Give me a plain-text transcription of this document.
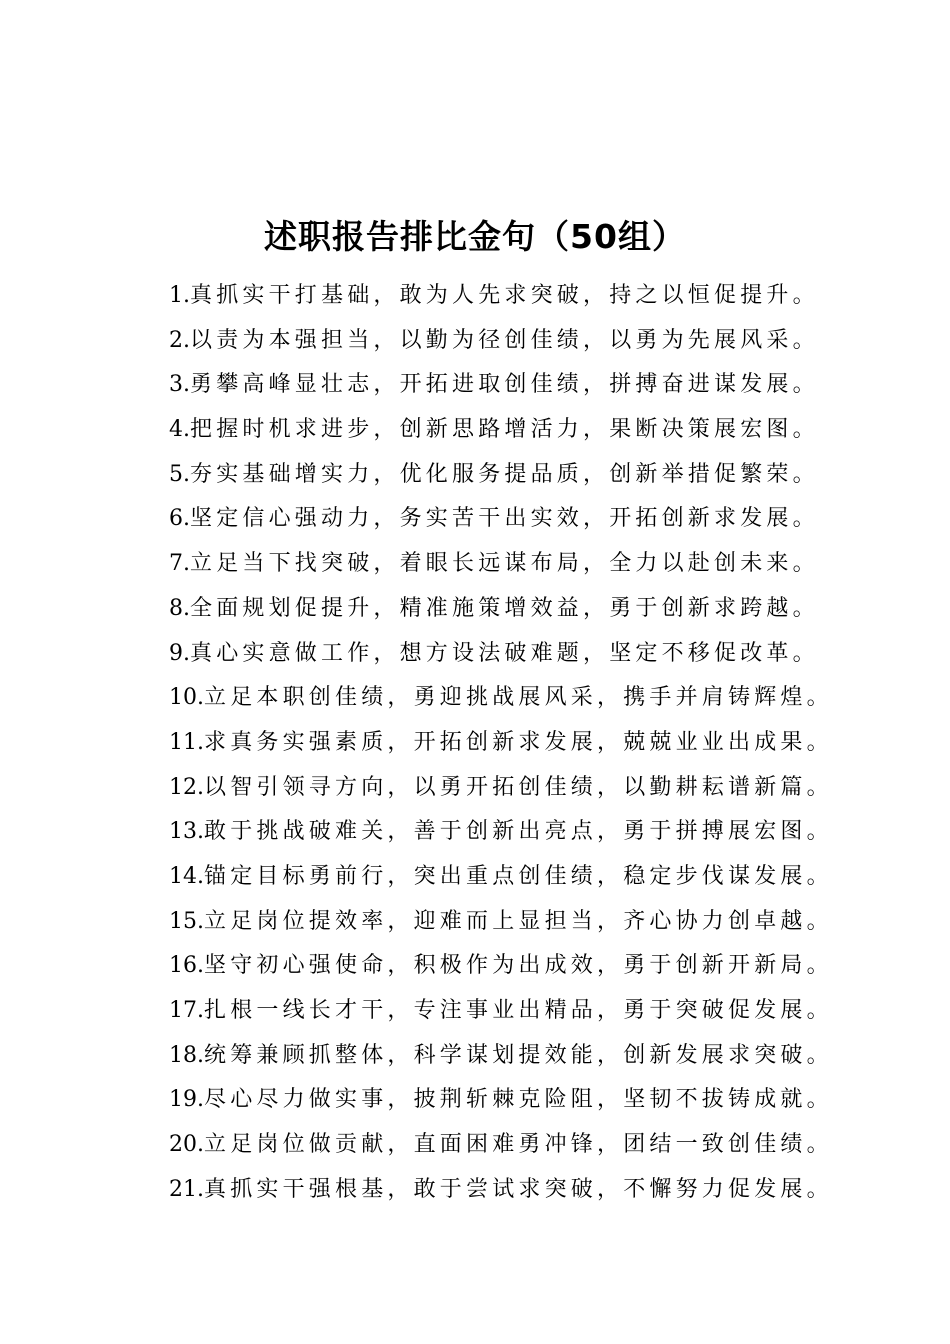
述职报告排比金句（50组）
1.真抓实干打基础，敢为人先求突破，持之以恒促提升。
2.以责为本强担当，以勤为径创佳绩，以勇为先展风采。
3.勇攀高峰显壮志，开拓进取创佳绩，拼搏奋进谋发展。
4.把握时机求进步，创新思路增活力，果断决策展宏图。
5.夯实基础增实力，优化服务提品质，创新举措促繁荣。
6.坚定信心强动力，务实苦干出实效，开拓创新求发展。
7.立足当下找突破，着眼长远谋布局，全力以赴创未来。
8.全面规划促提升，精准施策增效益，勇于创新求跨越。
9.真心实意做工作，想方设法破难题，坚定不移促改革。
10.立足本职创佳绩，勇迎挑战展风采，携手并肩铸辉煌。
11.求真务实强素质，开拓创新求发展，兢兢业业出成果。
12.以智引领寻方向，以勇开拓创佳绩，以勤耕耘谱新篇。
13.敢于挑战破难关，善于创新出亮点，勇于拼搏展宏图。
14.锚定目标勇前行，突出重点创佳绩，稳定步伐谋发展。
15.立足岗位提效率，迎难而上显担当，齐心协力创卓越。
16.坚守初心强使命，积极作为出成效，勇于创新开新局。
17.扎根一线长才干，专注事业出精品，勇于突破促发展。
18.统筹兼顾抓整体，科学谋划提效能，创新发展求突破。
19.尽心尽力做实事，披荆斩棘克险阻，坚韧不拔铸成就。
20.立足岗位做贡献，直面困难勇冲锋，团结一致创佳绩。
21.真抓实干强根基，敢于尝试求突破，不懈努力促发展。
